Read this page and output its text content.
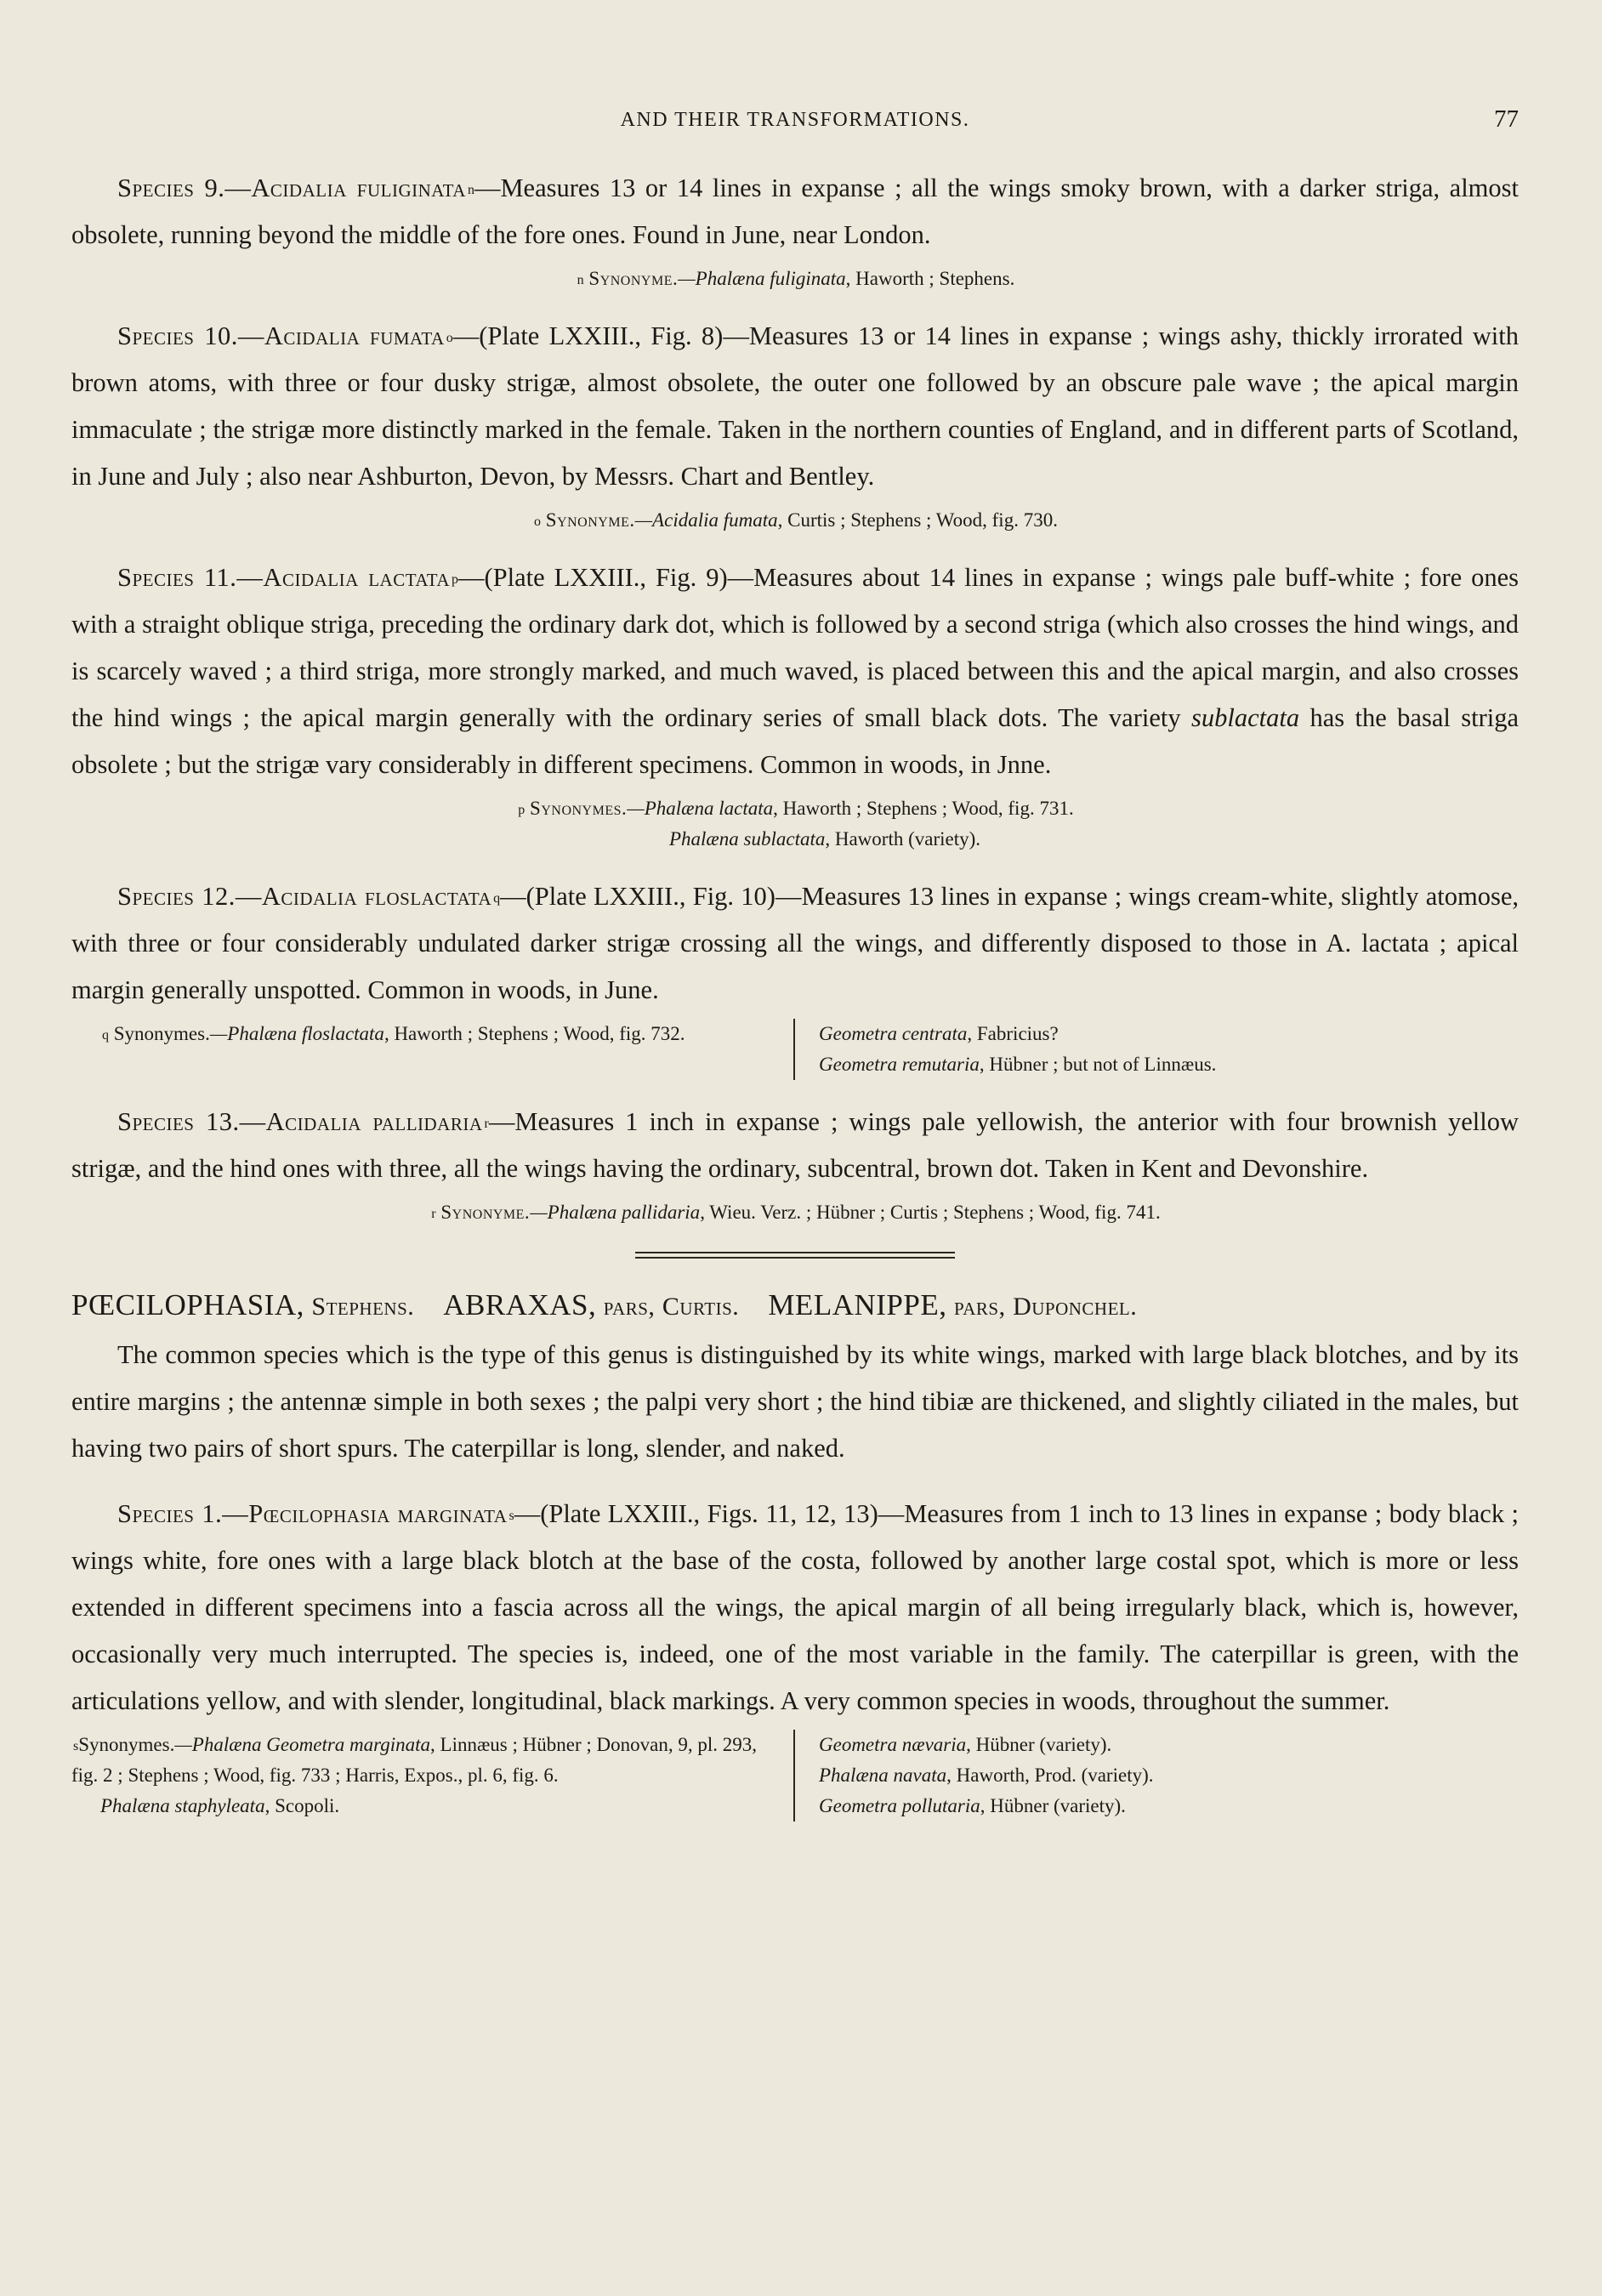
AND THEIR TRANSFORMATIONS.	77

Species 9.—Acidalia fuliginata $^n$—Measures 13 or 14 lines in expanse ; all the wings smoky brown, with a darker striga, almost obsolete, running beyond the middle of the fore ones. Found in June, near London.

$^n$ Synonyme.—Phalæna fuliginata, Haworth ; Stephens.

Species 10.—Acidalia fumata $^o$—(Plate LXXIII., Fig. 8)—Measures 13 or 14 lines in expanse ; wings ashy, thickly irrorated with brown atoms, with three or four dusky strigæ, almost obsolete, the outer one followed by an obscure pale wave ; the apical margin immaculate ; the strigæ more distinctly marked in the female. Taken in the northern counties of England, and in different parts of Scotland, in June and July ; also near Ashburton, Devon, by Messrs. Chart and Bentley.

$^o$ Synonyme.—Acidalia fumata, Curtis ; Stephens ; Wood, fig. 730.

Species 11.—Acidalia lactata $^p$—(Plate LXXIII., Fig. 9)—Measures about 14 lines in expanse ; wings pale buff-white ; fore ones with a straight oblique striga, preceding the ordinary dark dot, which is followed by a second striga (which also crosses the hind wings, and is scarcely waved ; a third striga, more strongly marked, and much waved, is placed between this and the apical margin, and also crosses the hind wings ; the apical margin generally with the ordinary series of small black dots. The variety sublactata has the basal striga obsolete ; but the strigæ vary considerably in different specimens. Common in woods, in Jnne.

$^p$ Synonymes.—Phalæna lactata, Haworth ; Stephens ; Wood, fig. 731.
Phalæna sublactata, Haworth (variety).

Species 12.—Acidalia floslactata $^q$—(Plate LXXIII., Fig. 10)—Measures 13 lines in expanse ; wings cream-white, slightly atomose, with three or four considerably undulated darker strigæ crossing all the wings, and differently disposed to those in A. lactata ; apical margin generally unspotted. Common in woods, in June.

$^q$ Synonymes.—Phalæna floslactata, Haworth ; Stephens ; Wood, fig. 732.	Geometra centrata, Fabricius?
Geometra remutaria, Hübner ; but not of Linnæus.

Species 13.—Acidalia pallidaria $^r$—Measures 1 inch in expanse ; wings pale yellowish, the anterior with four brownish yellow strigæ, and the hind ones with three, all the wings having the ordinary, subcentral, brown dot. Taken in Kent and Devonshire.

$^r$ Synonyme.—Phalæna pallidaria, Wieu. Verz. ; Hübner ; Curtis ; Stephens ; Wood, fig. 741.

PŒCILOPHASIA, Stephens. ABRAXAS, pars, Curtis. MELANIPPE, pars, Duponchel.

The common species which is the type of this genus is distinguished by its white wings, marked with large black blotches, and by its entire margins ; the antennæ simple in both sexes ; the palpi very short ; the hind tibiæ are thickened, and slightly ciliated in the males, but having two pairs of short spurs. The caterpillar is long, slender, and naked.

Species 1.—Pœcilophasia marginata $^s$—(Plate LXXIII., Figs. 11, 12, 13)—Measures from 1 inch to 13 lines in expanse ; body black ; wings white, fore ones with a large black blotch at the base of the costa, followed by another large costal spot, which is more or less extended in different specimens into a fascia across all the wings, the apical margin of all being irregularly black, which is, however, occasionally very much interrupted. The species is, indeed, one of the most variable in the family. The caterpillar is green, with the articulations yellow, and with slender, longitudinal, black markings. A very common species in woods, throughout the summer.

$^s$Synonymes.—Phalæna Geometra marginata, Linnæus ; Hübner ; Donovan, 9, pl. 293, fig. 2 ; Stephens ; Wood, fig. 733 ; Harris, Expos., pl. 6, fig. 6.
Phalæna staphyleata, Scopoli.
Geometra nævaria, Hübner (variety).
Phalæna navata, Haworth, Prod. (variety).
Geometra pollutaria, Hübner (variety).
